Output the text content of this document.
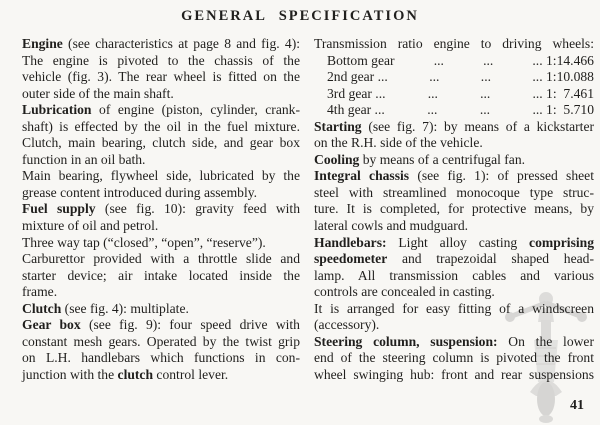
GENERAL SPECIFICATION
Engine (see characteristics at page 8 and fig. 4):
The engine is pivoted to the chassis of the
vehicle (fig. 3). The rear wheel is fitted on the
outer side of the main shaft.
Lubrication of engine (piston, cylinder, crank-
shaft) is effected by the oil in the fuel mixture.
Clutch, main bearing, clutch side, and gear box
function in an oil bath.
Main bearing, flywheel side, lubricated by the
grease content introduced during assembly.
Fuel supply (see fig. 10): gravity feed with
mixture of oil and petrol.
Three way tap (“closed”, “open”, “reserve”).
Carburettor provided with a throttle slide and
starter device; air intake located inside the
frame.
Clutch (see fig. 4): multiplate.
Gear box (see fig. 9): four speed drive with
constant mesh gears. Operated by the twist grip
on L.H. handlebars which functions in con-
junction with the clutch control lever.
Transmission ratio engine to driving wheels:
Bottom gear	...	...	... 1:14.466
2nd gear ...	...	...	... 1:10.088
3rd gear ...	...	...	... 1: 7.461
4th gear ...	...	...	... 1: 5.710
Starting (see fig. 7): by means of a kickstarter
on the R.H. side of the vehicle.
Cooling by means of a centrifugal fan.
Integral chassis (see fig. 1): of pressed sheet
steel with streamlined monocoque type struc-
ture. It is completed, for protective means, by
lateral cowls and mudguard.
Handlebars: Light alloy casting comprising
speedometer and trapezoidal shaped head-
lamp. All transmission cables and various
controls are concealed in casting.
It is arranged for easy fitting of a windscreen
(accessory).
Steering column, suspension: On the lower
end of the steering column is pivoted the front
wheel swinging hub: front and rear suspensions
41
